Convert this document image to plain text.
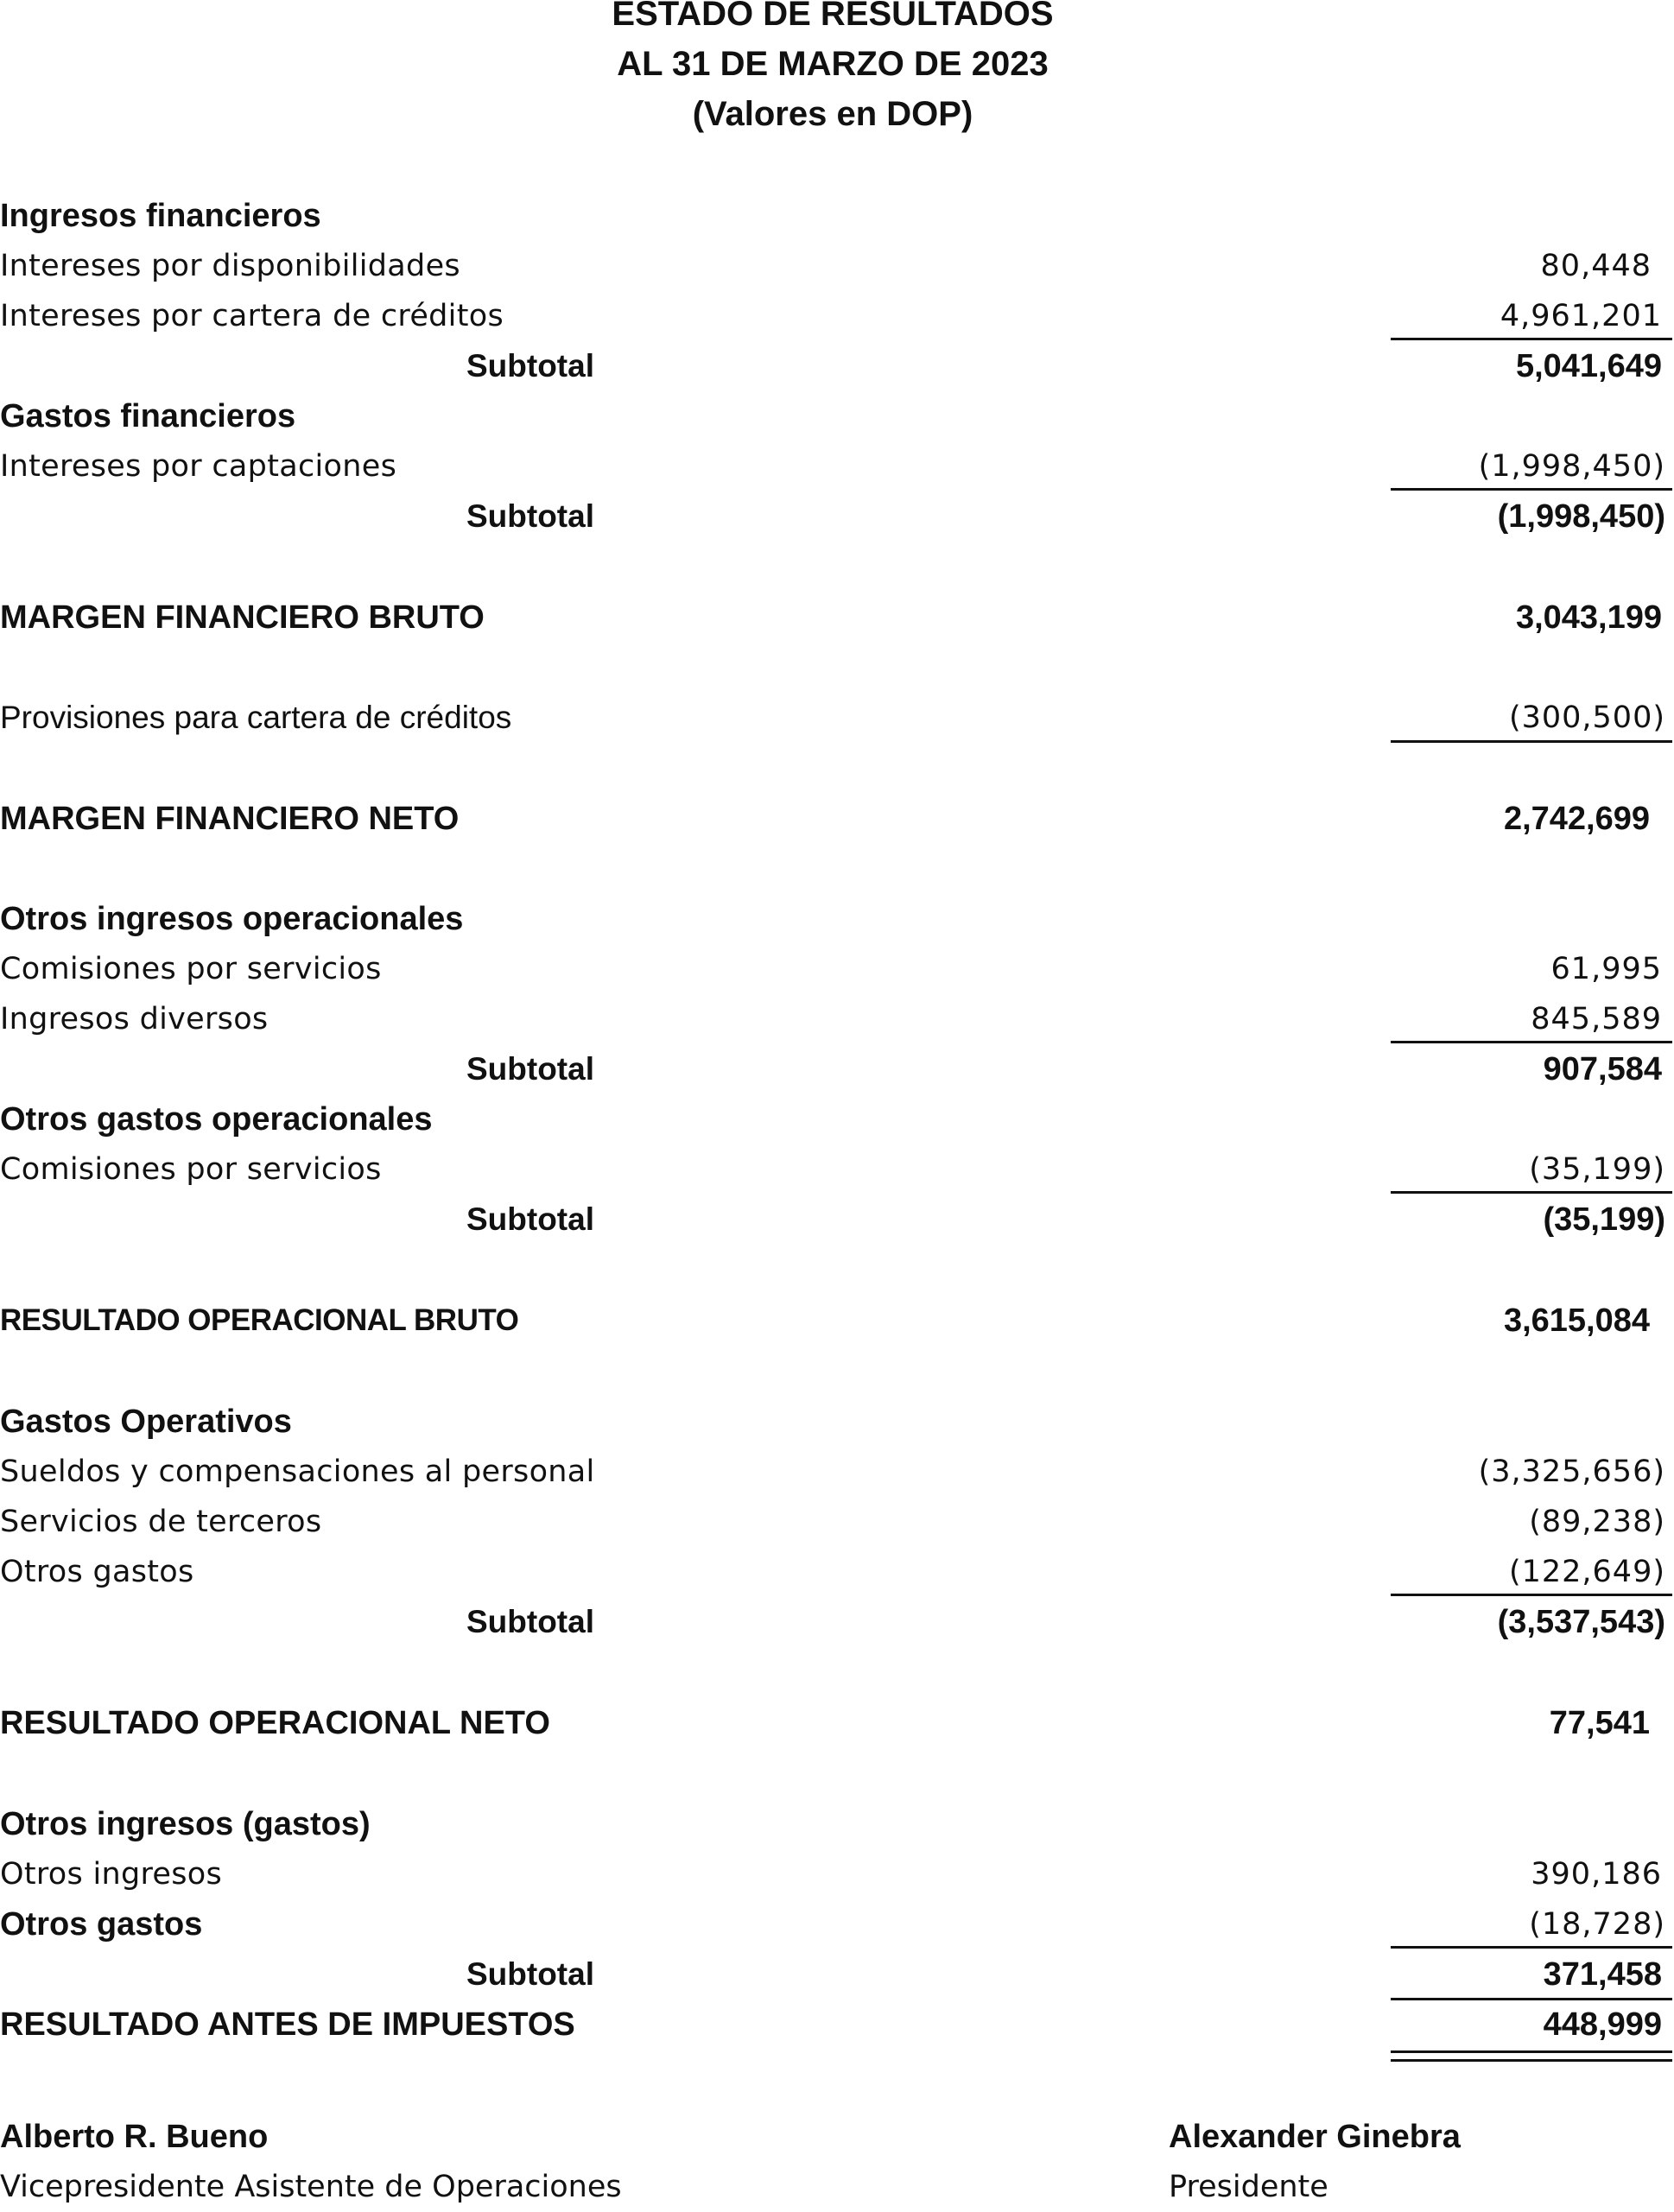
ESTADO DE RESULTADOS
AL 31 DE MARZO DE 2023
(Valores en DOP)
Ingresos financieros
Intereses por disponibilidades	80,448
Intereses por cartera de créditos	4,961,201
Subtotal	5,041,649
Gastos financieros
Intereses por captaciones	(1,998,450)
Subtotal	(1,998,450)
MARGEN FINANCIERO BRUTO	3,043,199
Provisiones para cartera de créditos	(300,500)
MARGEN FINANCIERO NETO	2,742,699
Otros ingresos operacionales
Comisiones por servicios	61,995
Ingresos diversos	845,589
Subtotal	907,584
Otros gastos operacionales
Comisiones por servicios	(35,199)
Subtotal	(35,199)
RESULTADO OPERACIONAL BRUTO	3,615,084
Gastos Operativos
Sueldos y compensaciones al personal	(3,325,656)
Servicios de terceros	(89,238)
Otros gastos	(122,649)
Subtotal	(3,537,543)
RESULTADO OPERACIONAL NETO	77,541
Otros ingresos (gastos)
Otros ingresos	390,186
Otros gastos	(18,728)
Subtotal	371,458
RESULTADO ANTES DE IMPUESTOS	448,999
Alberto R. Bueno
Vicepresidente Asistente de Operaciones
Alexander Ginebra
Presidente
